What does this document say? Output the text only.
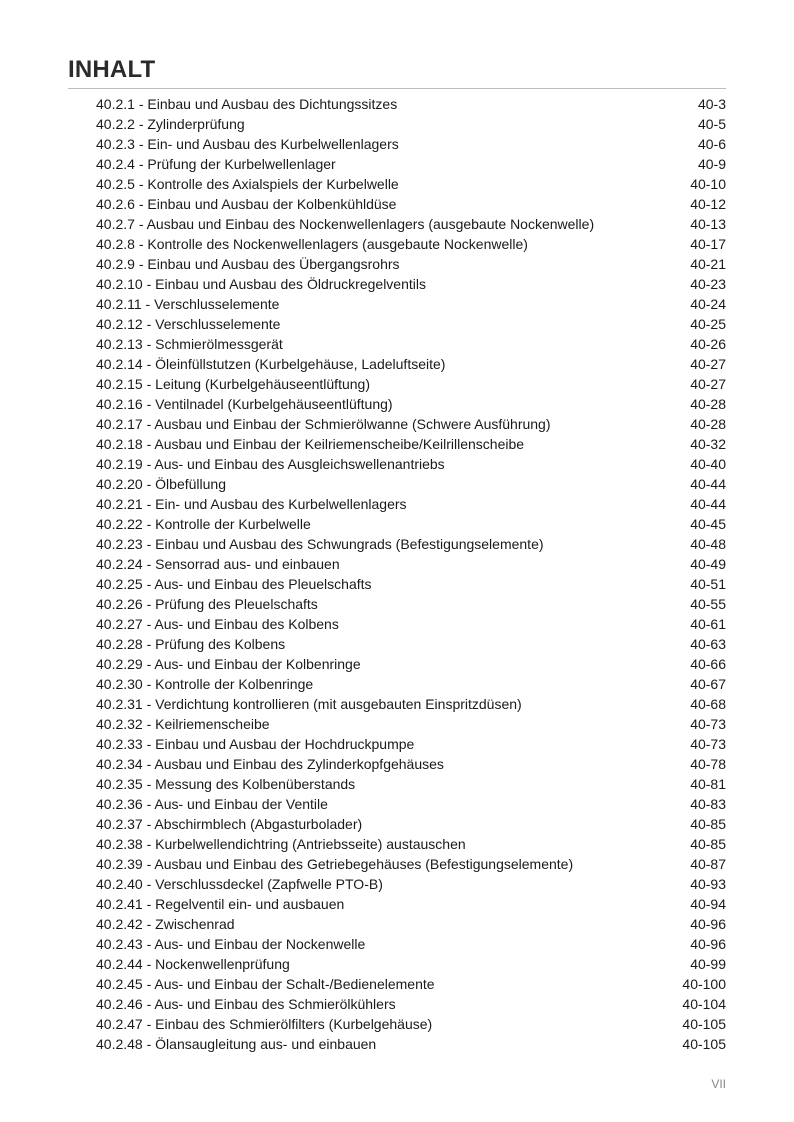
INHALT
40.2.1 - Einbau und Ausbau des Dichtungssitzes	40-3
40.2.2 - Zylinderprüfung	40-5
40.2.3 - Ein- und Ausbau des Kurbelwellenlagers	40-6
40.2.4 - Prüfung der Kurbelwellenlager	40-9
40.2.5 - Kontrolle des Axialspiels der Kurbelwelle	40-10
40.2.6 - Einbau und Ausbau der Kolbenkühldüse	40-12
40.2.7 - Ausbau und Einbau des Nockenwellenlagers (ausgebaute Nockenwelle)	40-13
40.2.8 - Kontrolle des Nockenwellenlagers (ausgebaute Nockenwelle)	40-17
40.2.9 - Einbau und Ausbau des Übergangsrohrs	40-21
40.2.10 - Einbau und Ausbau des Öldruckregelventils	40-23
40.2.11 - Verschlusselemente	40-24
40.2.12 - Verschlusselemente	40-25
40.2.13 - Schmierölmessgerät	40-26
40.2.14 - Öleinfüllstutzen (Kurbelgehäuse, Ladeluftseite)	40-27
40.2.15 - Leitung (Kurbelgehäuseentlüftung)	40-27
40.2.16 - Ventilnadel (Kurbelgehäuseentlüftung)	40-28
40.2.17 - Ausbau und Einbau der Schmierölwanne (Schwere Ausführung)	40-28
40.2.18 - Ausbau und Einbau der Keilriemenscheibe/Keilrillenscheibe	40-32
40.2.19 - Aus- und Einbau des Ausgleichswellenantriebs	40-40
40.2.20 - Ölbefüllung	40-44
40.2.21 - Ein- und Ausbau des Kurbelwellenlagers	40-44
40.2.22 - Kontrolle der Kurbelwelle	40-45
40.2.23 - Einbau und Ausbau des Schwungrads (Befestigungselemente)	40-48
40.2.24 - Sensorrad aus- und einbauen	40-49
40.2.25 - Aus- und Einbau des Pleuelschafts	40-51
40.2.26 - Prüfung des Pleuelschafts	40-55
40.2.27 - Aus- und Einbau des Kolbens	40-61
40.2.28 - Prüfung des Kolbens	40-63
40.2.29 - Aus- und Einbau der Kolbenringe	40-66
40.2.30 - Kontrolle der Kolbenringe	40-67
40.2.31 - Verdichtung kontrollieren (mit ausgebauten Einspritzdüsen)	40-68
40.2.32 - Keilriemenscheibe	40-73
40.2.33 - Einbau und Ausbau der Hochdruckpumpe	40-73
40.2.34 - Ausbau und Einbau des Zylinderkopfgehäuses	40-78
40.2.35 - Messung des Kolbenüberstands	40-81
40.2.36 - Aus- und Einbau der Ventile	40-83
40.2.37 - Abschirmblech (Abgasturbolader)	40-85
40.2.38 - Kurbelwellendichtring (Antriebsseite) austauschen	40-85
40.2.39 - Ausbau und Einbau des Getriebegehäuses (Befestigungselemente)	40-87
40.2.40 - Verschlussdeckel (Zapfwelle PTO-B)	40-93
40.2.41 - Regelventil ein- und ausbauen	40-94
40.2.42 - Zwischenrad	40-96
40.2.43 - Aus- und Einbau der Nockenwelle	40-96
40.2.44 - Nockenwellenprüfung	40-99
40.2.45 - Aus- und Einbau der Schalt-/Bedienelemente	40-100
40.2.46 - Aus- und Einbau des Schmierölkühlers	40-104
40.2.47 - Einbau des Schmierölfilters (Kurbelgehäuse)	40-105
40.2.48 - Ölansaugleitung aus- und einbauen	40-105
VII
